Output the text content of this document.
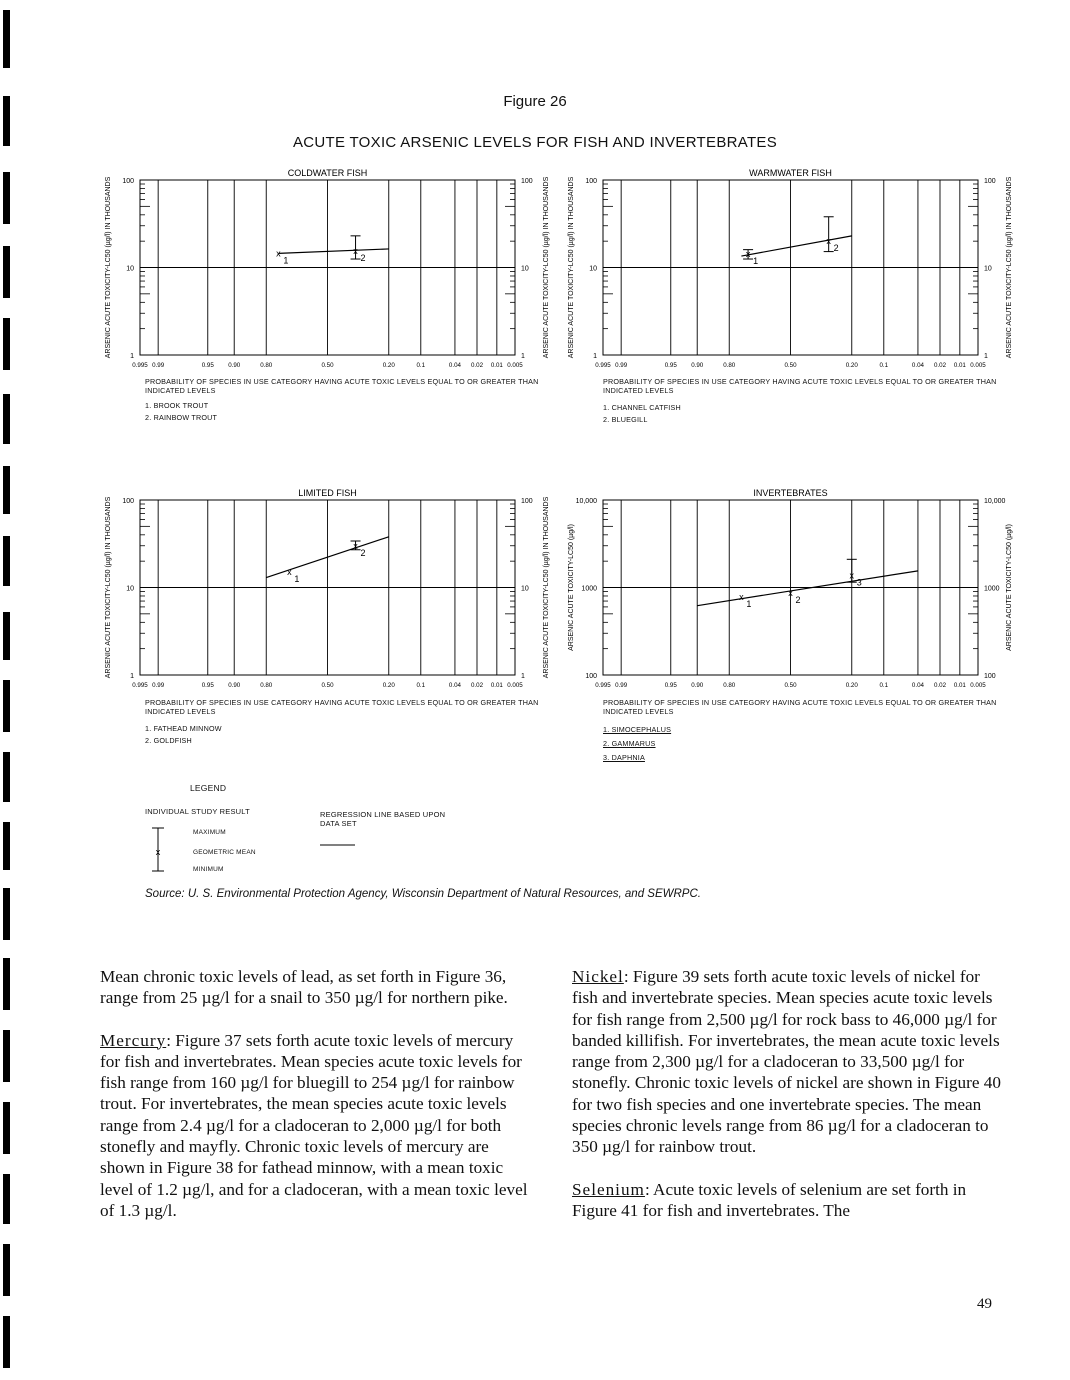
Figure 26
ACUTE TOXIC ARSENIC LEVELS FOR FISH AND INVERTEBRATES
0.995 0.99	0.95 0.90	0.80	0.50	0.20	0.1	0.04 0.02 0.01 0.005
100	100
10	10
1	1
COLDWATER FISH
ARSENIC ACUTE TOXICITY-LC50 (µg/l) IN THOUSANDS	ARSENIC ACUTE TOXICITY-LC50 (µg/l) IN THOUSANDS
x
1
x
2
PROBABILITY OF SPECIES IN USE CATEGORY HAVING ACUTE TOXIC LEVELS EQUAL TO OR GREATER THAN INDICATED LEVELS
1. BROOK TROUT
2. RAINBOW TROUT
0.995 0.99	0.95 0.90	0.80	0.50	0.20	0.1	0.04 0.02 0.01 0.005
100	100
10	10
1	1
WARMWATER FISH
ARSENIC ACUTE TOXICITY-LC50 (µg/l) IN THOUSANDS	ARSENIC ACUTE TOXICITY-LC50 (µg/l) IN THOUSANDS
x
1
x
2
PROBABILITY OF SPECIES IN USE CATEGORY HAVING ACUTE TOXIC LEVELS EQUAL TO OR GREATER THAN INDICATED LEVELS
1. CHANNEL CATFISH
2. BLUEGILL
0.995 0.99	0.95 0.90	0.80	0.50	0.20	0.1	0.04 0.02 0.01 0.005
100	100
10	10
1	1
LIMITED FISH
ARSENIC ACUTE TOXICITY-LC50 (µg/l) IN THOUSANDS	ARSENIC ACUTE TOXICITY-LC50 (µg/l) IN THOUSANDS
x
1
x
2
PROBABILITY OF SPECIES IN USE CATEGORY HAVING ACUTE TOXIC LEVELS EQUAL TO OR GREATER THAN INDICATED LEVELS
1. FATHEAD MINNOW
2. GOLDFISH
0.995 0.99	0.95 0.90	0.80	0.50	0.20	0.1	0.04 0.02 0.01 0.005
10,000	10,000
1000	1000
100	100
INVERTEBRATES
ARSENIC ACUTE TOXICITY-LC50 (µg/l)	ARSENIC ACUTE TOXICITY-LC50 (µg/l)
x
1
x
2
x
3
PROBABILITY OF SPECIES IN USE CATEGORY HAVING ACUTE TOXIC LEVELS EQUAL TO OR GREATER THAN INDICATED LEVELS
1. SIMOCEPHALUS
2. GAMMARUS
3. DAPHNIA
LEGEND
INDIVIDUAL STUDY RESULT
MAXIMUM
GEOMETRIC MEAN
MINIMUM
REGRESSION LINE BASED UPON DATA SET
x
Source: U. S. Environmental Protection Agency, Wisconsin Department of Natural Resources, and SEWRPC.

Mean chronic toxic levels of lead, as set forth in Figure 36, range from 25 µg/l for a snail to 350 µg/l for northern pike.

Mercury: Figure 37 sets forth acute toxic levels of mercury for fish and invertebrates. Mean species acute toxic levels for fish range from 160 µg/l for bluegill to 254 µg/l for rainbow trout. For invertebrates, the mean species acute toxic levels range from 2.4 µg/l for a cladoceran to 2,000 µg/l for both stonefly and mayfly. Chronic toxic levels of mercury are shown in Figure 38 for fathead minnow, with a mean toxic level of 1.2 µg/l, and for a cladoceran, with a mean toxic level of 1.3 µg/l.

Nickel: Figure 39 sets forth acute toxic levels of nickel for fish and invertebrate species. Mean species acute toxic levels for fish range from 2,500 µg/l for rock bass to 46,000 µg/l for banded killifish. For invertebrates, the mean acute toxic levels range from 2,300 µg/l for a cladoceran to 33,500 µg/l for stonefly. Chronic toxic levels of nickel are shown in Figure 40 for two fish species and one invertebrate species. The mean species chronic levels range from 86 µg/l for a cladoceran to 350 µg/l for rainbow trout.

Selenium: Acute toxic levels of selenium are set forth in Figure 41 for fish and invertebrates. The

49
